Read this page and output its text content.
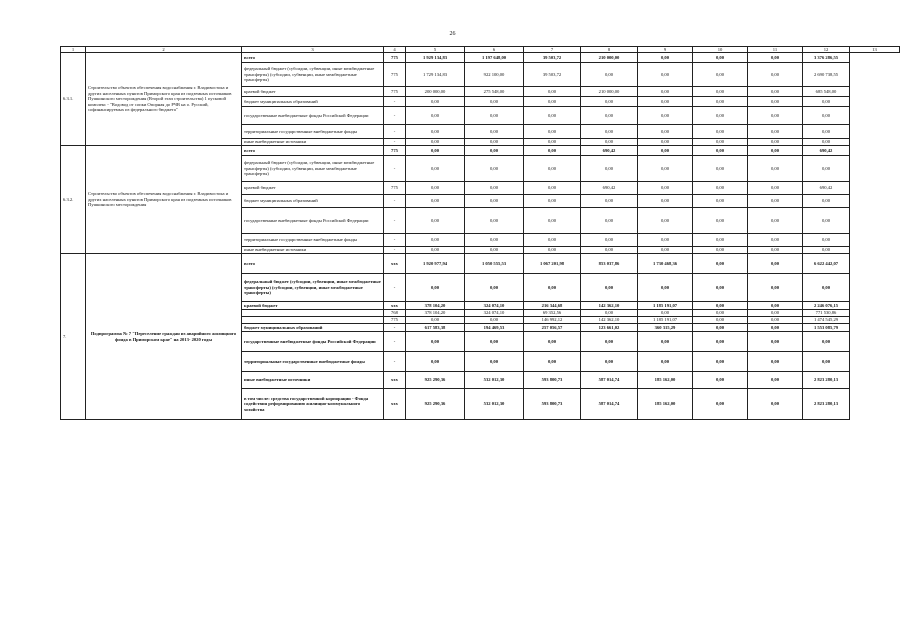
26
1	2	3	4	5	6	7	8	9	10	11	12	13
6.3.1.	Строительство объектов обеспечения водоснабжения г. Владивостока и других населенных пунктов Приморского края из подземных источников Пушкинского месторождения (Второй этап строительства) 1 пусковой комплекс - "Водовод от сопки Опорная до РЧВ на о. Русский, софинансируемых из федерального бюджета"	всего	775	1 929 134,83	1 197 648,00	39 503,72	210 000,00	0,00	0,00	0,00	3 376 286,55	
		федеральный бюджет (субсидии, субвенции, иные межбюджетные трансферты) (субсидии, субвенции, иные межбюджетные трансферты)	775	1 729 134,83	922 100,00	39 503,72	0,00	0,00	0,00	0,00	2 690 738,55	
		краевой бюджет	775	200 000,00	275 548,00	0,00	210 000,00	0,00	0,00	0,00	685 548,00	
		бюджет муниципальных образований	-	0,00	0,00	0,00	0,00	0,00	0,00	0,00	0,00	
		государственные внебюджетные фонды Российской Федерации	-	0,00	0,00	0,00	0,00	0,00	0,00	0,00	0,00	
		территориальные государственные внебюджетные фонды	-	0,00	0,00	0,00	0,00	0,00	0,00	0,00	0,00	
		иные внебюджетные источники	-	0,00	0,00	0,00	0,00	0,00	0,00	0,00	0,00	
6.3.2.	Строительство объектов обеспечения водоснабжения г. Владивостока и других населенных пунктов Приморского края из подземных источников Пушкинского месторождения	всего	775	0,00	0,00	0,00	690,42	0,00	0,00	0,00	690,42	
		федеральный бюджет (субсидии, субвенции, иные межбюджетные трансферты) (субсидии, субвенции, иные межбюджетные трансферты)	-	0,00	0,00	0,00	0,00	0,00	0,00	0,00	0,00	
		краевой бюджет	775	0,00	0,00	0,00	690,42	0,00	0,00	0,00	690,42	
		бюджет муниципальных образований	-	0,00	0,00	0,00	0,00	0,00	0,00	0,00	0,00	
		государственные внебюджетные фонды Российской Федерации	-	0,00	0,00	0,00	0,00	0,00	0,00	0,00	0,00	
		территориальные государственные внебюджетные фонды	-	0,00	0,00	0,00	0,00	0,00	0,00	0,00	0,00	
		иные внебюджетные источники	-	0,00	0,00	0,00	0,00	0,00	0,00	0,00	0,00	
7.	Подпрограмма № 7 "Переселение граждан из аварийного жилищного фонда в Приморском крае" на 2013- 2020 годы	всего	ххх	1 920 977,94	1 050 555,53	1 067 201,98	853 037,86	1 730 468,36	0,00	0,00	6 622 442,07	
		федеральный бюджет (субсидии, субвенции, иные межбюджетные трансферты) (субсидии, субвенции, иные межбюджетные трансферты)	-	0,00	0,00	0,00	0,00	0,00	0,00	0,00	0,00	
		краевой бюджет	ххх	378 104,20	324 074,10	216 344,68	142 362,10	1 185 191,07	0,00	0,00	2 246 076,15	
			768	378 104,20	324 074,10	69 352,56	0,00	0,00	0,00	0,00	771 530,86	
			775	0,00	0,00	146 992,12	142 362,10	1 185 191,07	0,00	0,00	1 474 545,29	
		бюджет муниципальных образований	-	617 583,38	194 469,53	257 056,57	123 661,02	360 315,29	0,00	0,00	1 553 085,79	
		государственные внебюджетные фонды Российской Федерации	-	0,00	0,00	0,00	0,00	0,00	0,00	0,00	0,00	
		территориальные государственные внебюджетные фонды	-	0,00	0,00	0,00	0,00	0,00	0,00	0,00	0,00	
		иные внебюджетные источники	ххх	925 290,36	532 012,30	593 800,73	587 014,74	185 162,00	0,00	0,00	2 823 280,13	
		в том числе: средства государственной корпорации - Фонда содействия реформированию жилищно-коммунального хозяйства	ххх	925 290,36	532 012,30	593 800,73	587 014,74	185 162,00	0,00	0,00	2 823 280,13	
